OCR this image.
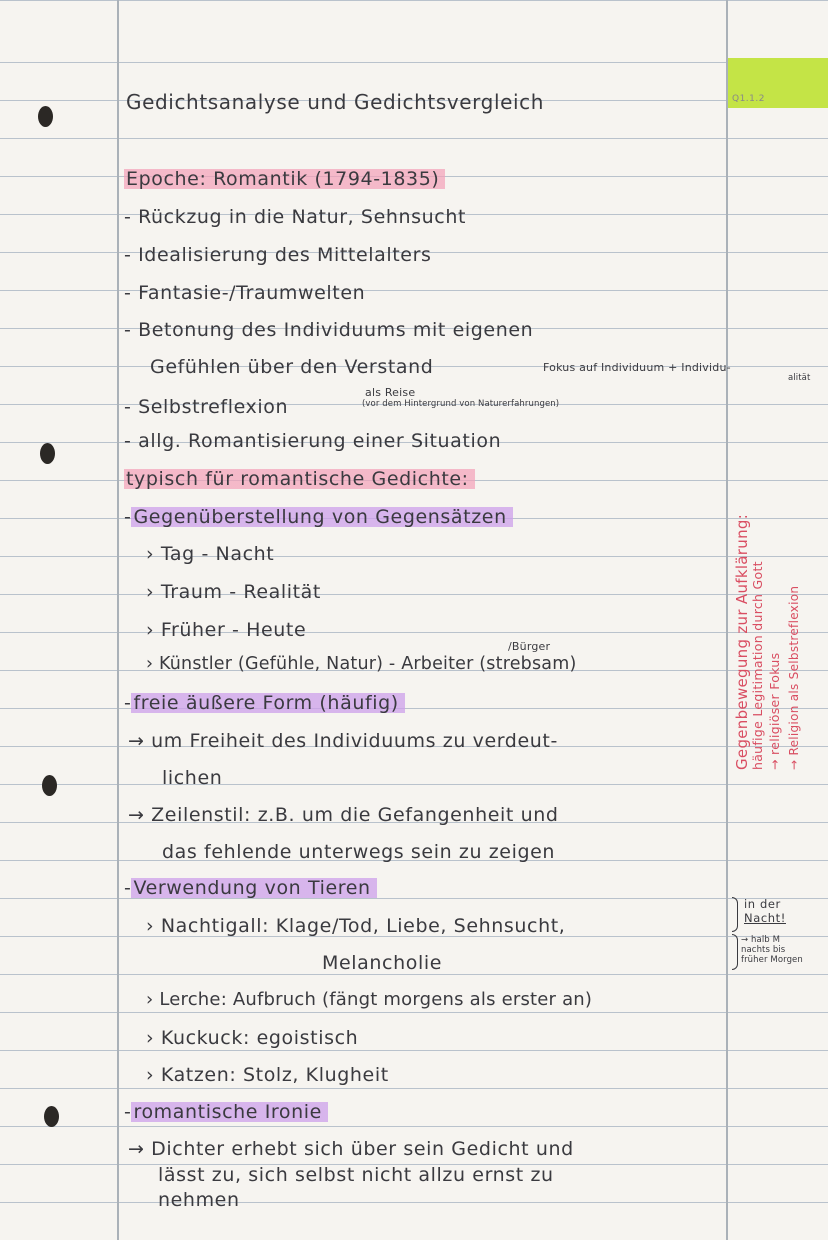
Q1.1.2
Gedichtsanalyse und Gedichtsvergleich
Epoche: Romantik (1794-1835)
- Rückzug in die Natur, Sehnsucht
- Idealisierung des Mittelalters
- Fantasie-/Traumwelten
- Betonung des Individuums mit eigenen
Gefühlen über den Verstand	Fokus auf Individuum + Individu-
alität
- Selbstreflexion
als Reise
(vor dem Hintergrund von Naturerfahrungen)
- allg. Romantisierung einer Situation
typisch für romantische Gedichte:
- Gegenüberstellung von Gegensätzen
› Tag - Nacht
› Traum - Realität
› Früher - Heute
/Bürger
› Künstler (Gefühle, Natur) - Arbeiter (strebsam)
- freie äußere Form (häufig)
→ um Freiheit des Individuums zu verdeut-
lichen
→ Zeilenstil: z.B. um die Gefangenheit und
das fehlende unterwegs sein zu zeigen
- Verwendung von Tieren
› Nachtigall: Klage/Tod, Liebe, Sehnsucht,
Melancholie
› Lerche: Aufbruch (fängt morgens als erster an)
› Kuckuck: egoistisch
› Katzen: Stolz, Klugheit
- romantische Ironie
→ Dichter erhebt sich über sein Gedicht und
lässt zu, sich selbst nicht allzu ernst zu
nehmen
Gegenbewegung zur Aufklärung: häufige Legitimation durch Gott → religiöser Fokus → Religion als Selbstreflexion
in der
Nacht!
→ halb M
nachts bis
früher Morgen
